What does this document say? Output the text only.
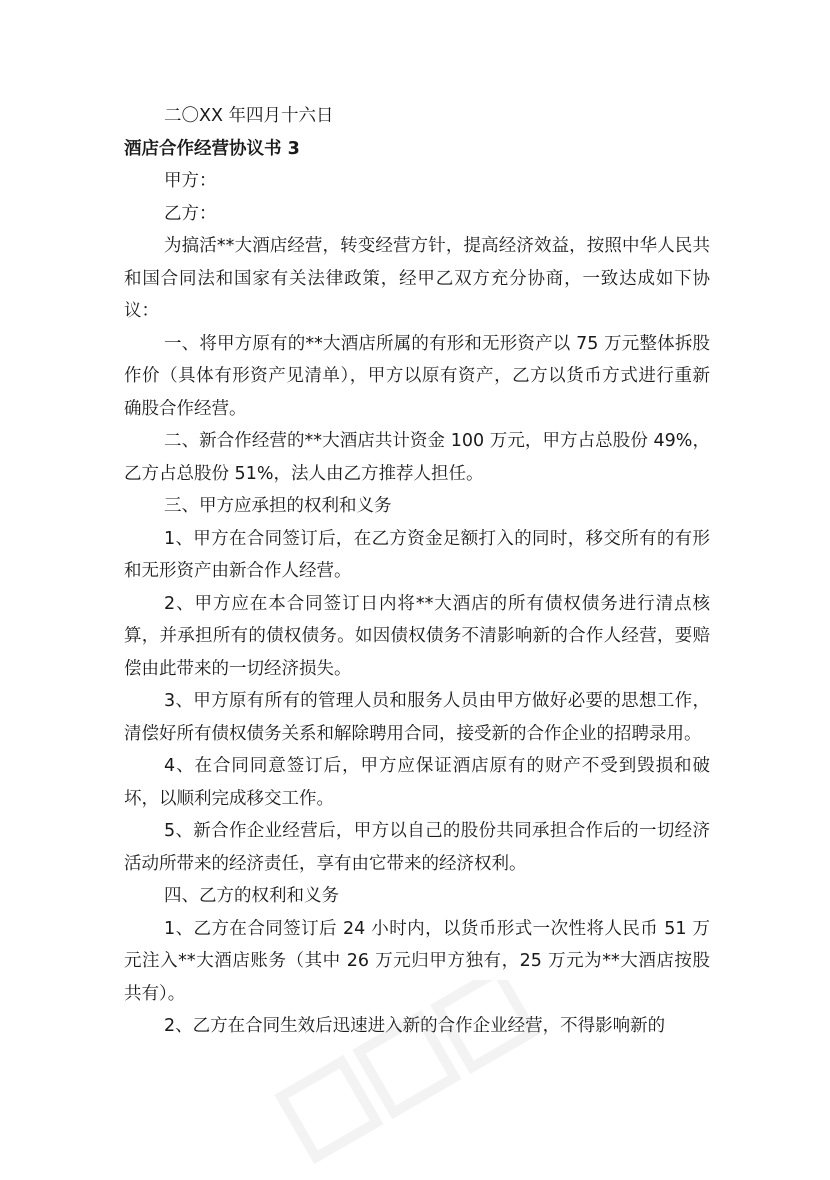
二〇XX 年四月十六日

酒店合作经营协议书 3

甲方：

乙方：

为搞活**大酒店经营，转变经营方针，提高经济效益，按照中华人民共和国合同法和国家有关法律政策，经甲乙双方充分协商，一致达成如下协议：

一、将甲方原有的**大酒店所属的有形和无形资产以 75 万元整体拆股作价（具体有形资产见清单），甲方以原有资产，乙方以货币方式进行重新确股合作经营。

二、新合作经营的**大酒店共计资金 100 万元，甲方占总股份 49%，乙方占总股份 51%，法人由乙方推荐人担任。

三、甲方应承担的权利和义务

1、甲方在合同签订后，在乙方资金足额打入的同时，移交所有的有形和无形资产由新合作人经营。

2、甲方应在本合同签订日内将**大酒店的所有债权债务进行清点核算，并承担所有的债权债务。如因债权债务不清影响新的合作人经营，要赔偿由此带来的一切经济损失。

3、甲方原有所有的管理人员和服务人员由甲方做好必要的思想工作，清偿好所有债权债务关系和解除聘用合同，接受新的合作企业的招聘录用。

4、在合同同意签订后，甲方应保证酒店原有的财产不受到毁损和破坏，以顺利完成移交工作。

5、新合作企业经营后，甲方以自己的股份共同承担合作后的一切经济活动所带来的经济责任，享有由它带来的经济权利。

四、乙方的权利和义务

1、乙方在合同签订后 24 小时内，以货币形式一次性将人民币 51 万元注入**大酒店账务（其中 26 万元归甲方独有，25 万元为**大酒店按股共有）。

2、乙方在合同生效后迅速进入新的合作企业经营，不得影响新的
